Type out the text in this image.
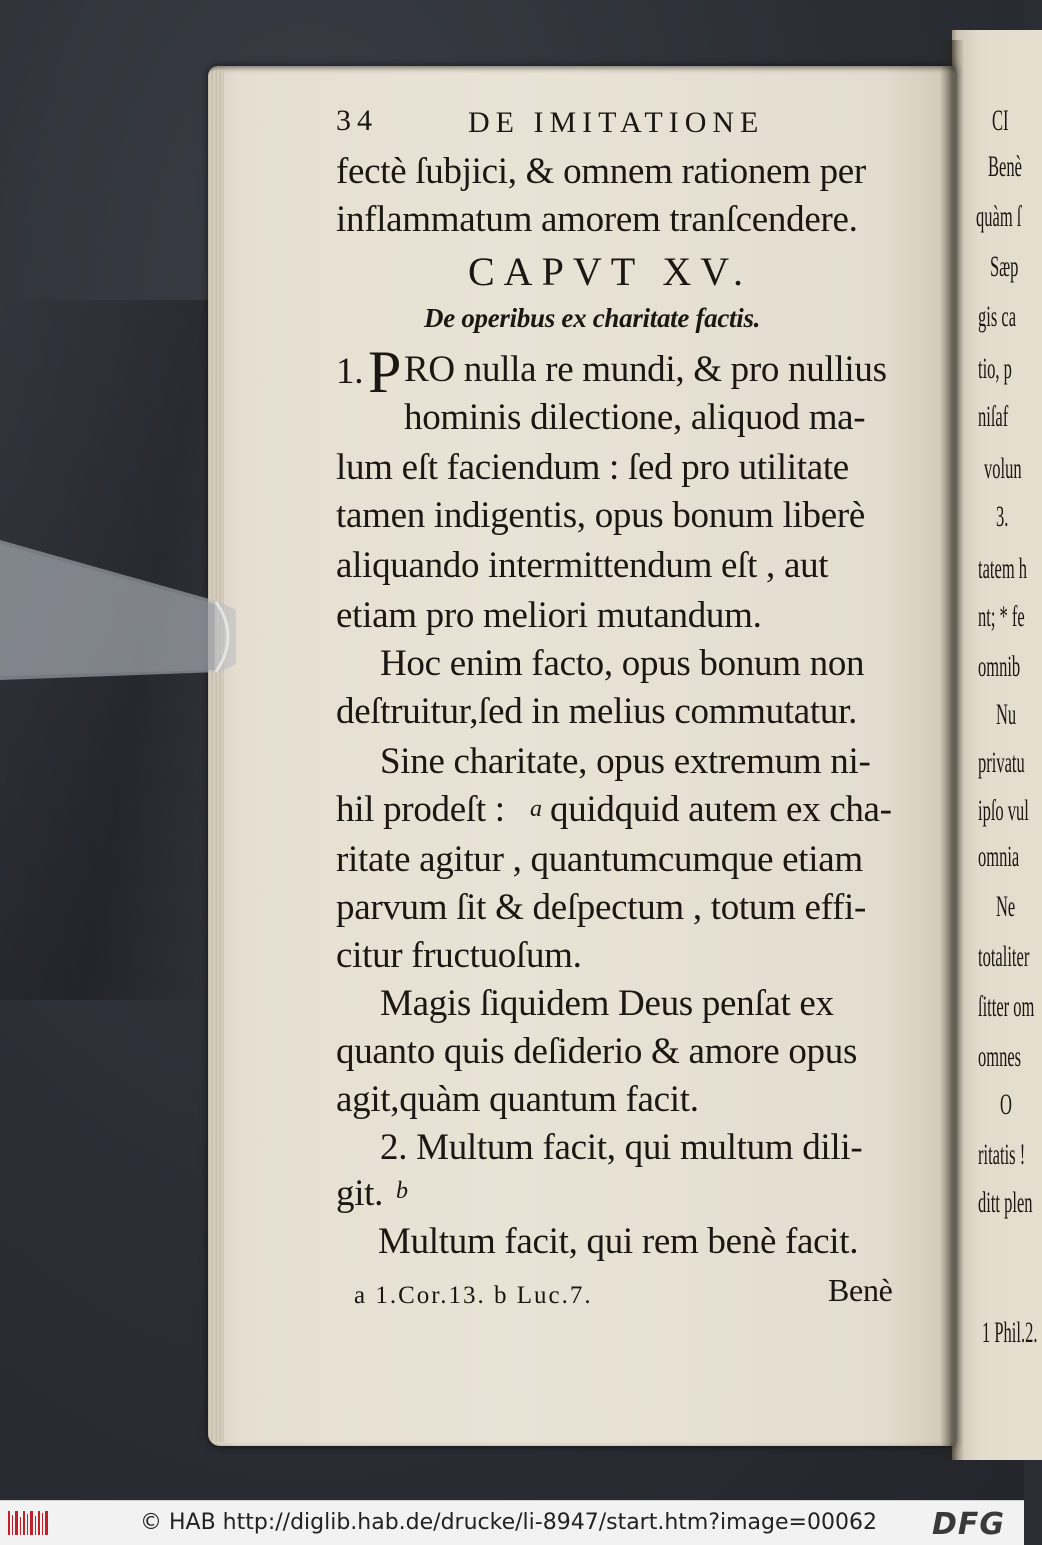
34	DE IMITATIONE
fectè ſubjici, & omnem rationem per
inflammatum amorem tranſcendere.
CAPVT XV.
De operibus ex charitate factis.
1. P RO nulla re mundi, & pro nullius
hominis dilectione, aliquod ma-
lum eſt faciendum : ſed pro utilitate
tamen indigentis, opus bonum liberè
aliquando intermittendum eſt , aut
etiam pro meliori mutandum.
Hoc enim facto, opus bonum non
deſtruitur,ſed in melius commutatur.
Sine charitate, opus extremum ni-
hil prodeſt : a quidquid autem ex cha-
ritate agitur , quantumcumque etiam
parvum ſit & deſpectum , totum effi-
citur fructuoſum.
Magis ſiquidem Deus penſat ex
quanto quis deſiderio & amore opus
agit,quàm quantum facit.
2. Multum facit, qui multum dili-
git. b
Multum facit, qui rem benè facit.
a 1.Cor.13. b Luc.7.	Benè
CI
Benè
quàm ſ
Sæp
gis ca
tio, p
niſaf
volun
3.
tatem h
nt; * fe
omnib
Nu
privatu
ipſo vul
omnia
Ne
totaliter
ſitter om
omnes
O
ritatis !
ditt plen
1 Phil.2.
© HAB http://diglib.hab.de/drucke/li-8947/start.htm?image=00062 DFG
